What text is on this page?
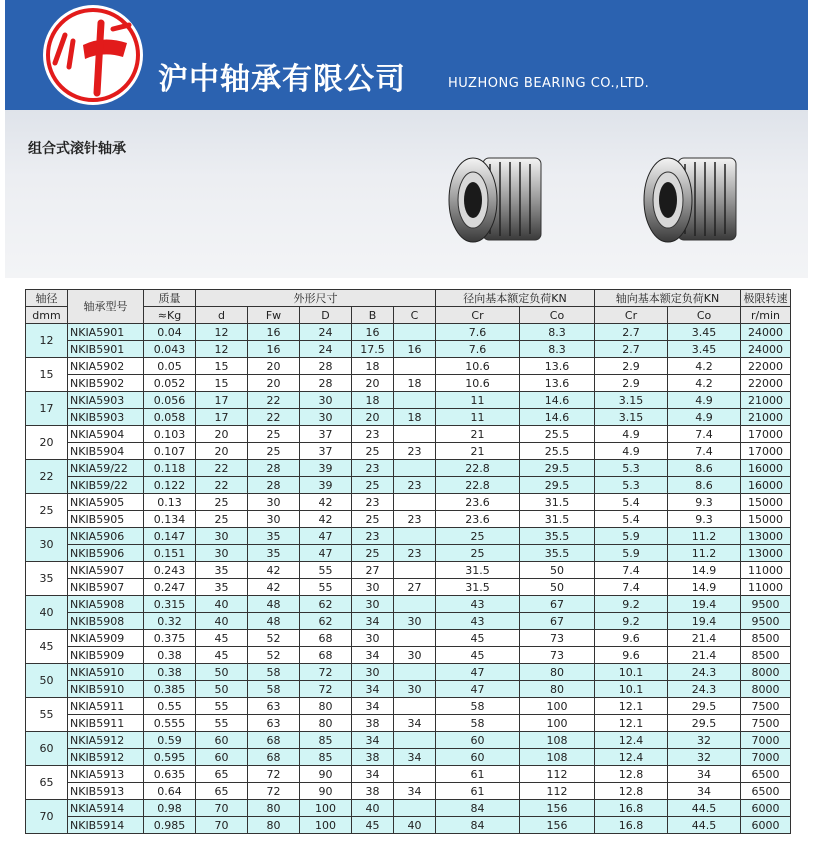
沪中轴承有限公司	HUZHONG BEARING CO.,LTD.
组合式滚针轴承
轴径	轴承型号	质量	外形尺寸					径向基本额定负荷KN		轴向基本额定负荷KN		极限转速
dmm		≈Kg	d	Fw	D	B	C	Cr	Co	Cr	Co	r/min
12	NKIA5901	0.04	12	16	24	16		7.6	8.3	2.7	3.45	24000
	NKIB5901	0.043	12	16	24	17.5	16	7.6	8.3	2.7	3.45	24000
15	NKIA5902	0.05	15	20	28	18		10.6	13.6	2.9	4.2	22000
	NKIB5902	0.052	15	20	28	20	18	10.6	13.6	2.9	4.2	22000
17	NKIA5903	0.056	17	22	30	18		11	14.6	3.15	4.9	21000
	NKIB5903	0.058	17	22	30	20	18	11	14.6	3.15	4.9	21000
20	NKIA5904	0.103	20	25	37	23		21	25.5	4.9	7.4	17000
	NKIB5904	0.107	20	25	37	25	23	21	25.5	4.9	7.4	17000
22	NKIA59/22	0.118	22	28	39	23		22.8	29.5	5.3	8.6	16000
	NKIB59/22	0.122	22	28	39	25	23	22.8	29.5	5.3	8.6	16000
25	NKIA5905	0.13	25	30	42	23		23.6	31.5	5.4	9.3	15000
	NKIB5905	0.134	25	30	42	25	23	23.6	31.5	5.4	9.3	15000
30	NKIA5906	0.147	30	35	47	23		25	35.5	5.9	11.2	13000
	NKIB5906	0.151	30	35	47	25	23	25	35.5	5.9	11.2	13000
35	NKIA5907	0.243	35	42	55	27		31.5	50	7.4	14.9	11000
	NKIB5907	0.247	35	42	55	30	27	31.5	50	7.4	14.9	11000
40	NKIA5908	0.315	40	48	62	30		43	67	9.2	19.4	9500
	NKIB5908	0.32	40	48	62	34	30	43	67	9.2	19.4	9500
45	NKIA5909	0.375	45	52	68	30		45	73	9.6	21.4	8500
	NKIB5909	0.38	45	52	68	34	30	45	73	9.6	21.4	8500
50	NKIA5910	0.38	50	58	72	30		47	80	10.1	24.3	8000
	NKIB5910	0.385	50	58	72	34	30	47	80	10.1	24.3	8000
55	NKIA5911	0.55	55	63	80	34		58	100	12.1	29.5	7500
	NKIB5911	0.555	55	63	80	38	34	58	100	12.1	29.5	7500
60	NKIA5912	0.59	60	68	85	34		60	108	12.4	32	7000
	NKIB5912	0.595	60	68	85	38	34	60	108	12.4	32	7000
65	NKIA5913	0.635	65	72	90	34		61	112	12.8	34	6500
	NKIB5913	0.64	65	72	90	38	34	61	112	12.8	34	6500
70	NKIA5914	0.98	70	80	100	40		84	156	16.8	44.5	6000
	NKIB5914	0.985	70	80	100	45	40	84	156	16.8	44.5	6000
